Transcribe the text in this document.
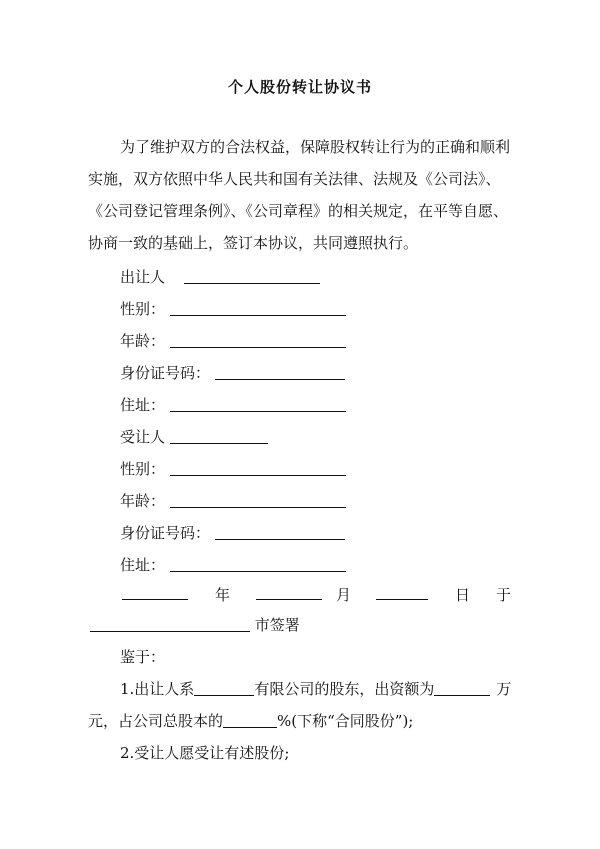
个人股份转让协议书
为了维护双方的合法权益，保障股权转让行为的正确和顺利
实施，双方依照中华人民共和国有关法律、法规及《公司法》、
《公司登记管理条例》、《公司章程》的相关规定，在平等自愿、
协商一致的基础上，签订本协议，共同遵照执行。
出让人
性别：
年龄：
身份证号码：
住址：
受让人
性别：
年龄：
身份证号码：
住址：
年	月	日 于
市签署
鉴于：
1.出让人系	有限公司的股东，出资额为	万
元，占公司总股本的	%(下称“合同股份”);
2.受让人愿受让有述股份;
